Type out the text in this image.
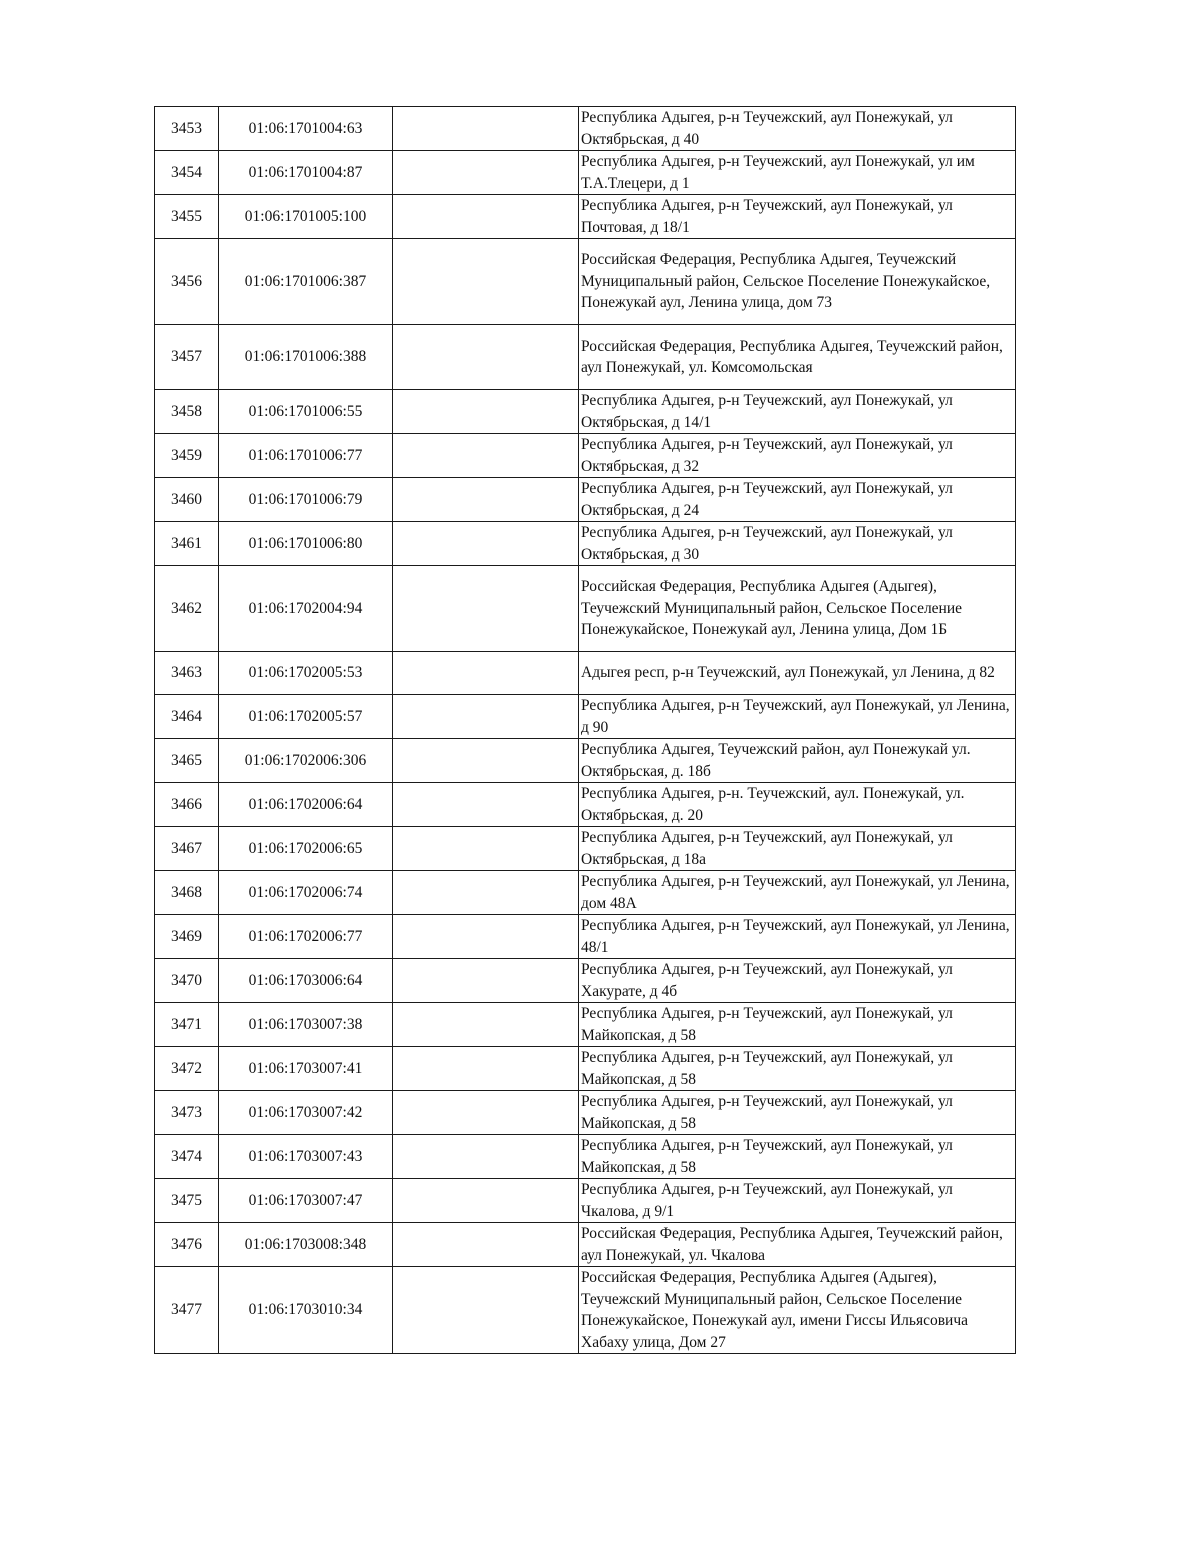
3453	01:06:1701004:63		Республика Адыгея, р-н Теучежский, аул Понежукай, ул Октябрьская, д 40
3454	01:06:1701004:87		Республика Адыгея, р-н Теучежский, аул Понежукай, ул им Т.А.Тлецери, д 1
3455	01:06:1701005:100		Республика Адыгея, р-н Теучежский, аул Понежукай, ул Почтовая, д 18/1
3456	01:06:1701006:387		Российская Федерация, Республика Адыгея, Теучежский Муниципальный район, Сельское Поселение Понежукайское, Понежукай аул, Ленина улица, дом 73
3457	01:06:1701006:388		Российская Федерация, Республика Адыгея, Теучежский район, аул Понежукай, ул. Комсомольская
3458	01:06:1701006:55		Республика Адыгея, р-н Теучежский, аул Понежукай, ул Октябрьская, д 14/1
3459	01:06:1701006:77		Республика Адыгея, р-н Теучежский, аул Понежукай, ул Октябрьская, д 32
3460	01:06:1701006:79		Республика Адыгея, р-н Теучежский, аул Понежукай, ул Октябрьская, д 24
3461	01:06:1701006:80		Республика Адыгея, р-н Теучежский, аул Понежукай, ул Октябрьская, д 30
3462	01:06:1702004:94		Российская Федерация, Республика Адыгея (Адыгея), Теучежский Муниципальный район, Сельское Поселение Понежукайское, Понежукай аул, Ленина улица, Дом 1Б
3463	01:06:1702005:53		Адыгея респ, р-н Теучежский, аул Понежукай, ул Ленина, д 82
3464	01:06:1702005:57		Республика Адыгея, р-н Теучежский, аул Понежукай, ул Ленина, д 90
3465	01:06:1702006:306		Республика Адыгея, Теучежский район, аул Понежукай ул. Октябрьская, д. 18б
3466	01:06:1702006:64		Республика Адыгея, р-н. Теучежский, аул. Понежукай, ул. Октябрьская, д. 20
3467	01:06:1702006:65		Республика Адыгея, р-н Теучежский, аул Понежукай, ул Октябрьская, д 18а
3468	01:06:1702006:74		Республика Адыгея, р-н Теучежский, аул Понежукай, ул Ленина, дом 48А
3469	01:06:1702006:77		Республика Адыгея, р-н Теучежский, аул Понежукай, ул Ленина, 48/1
3470	01:06:1703006:64		Республика Адыгея, р-н Теучежский, аул Понежукай, ул Хакурате, д 4б
3471	01:06:1703007:38		Республика Адыгея, р-н Теучежский, аул Понежукай, ул Майкопская, д 58
3472	01:06:1703007:41		Республика Адыгея, р-н Теучежский, аул Понежукай, ул Майкопская, д 58
3473	01:06:1703007:42		Республика Адыгея, р-н Теучежский, аул Понежукай, ул Майкопская, д 58
3474	01:06:1703007:43		Республика Адыгея, р-н Теучежский, аул Понежукай, ул Майкопская, д 58
3475	01:06:1703007:47		Республика Адыгея, р-н Теучежский, аул Понежукай, ул Чкалова, д 9/1
3476	01:06:1703008:348		Российская Федерация, Республика Адыгея, Теучежский район, аул Понежукай, ул. Чкалова
3477	01:06:1703010:34		Российская Федерация, Республика Адыгея (Адыгея), Теучежский Муниципальный район, Сельское Поселение Понежукайское, Понежукай аул, имени Гиссы Ильясовича Хабаху улица, Дом 27
